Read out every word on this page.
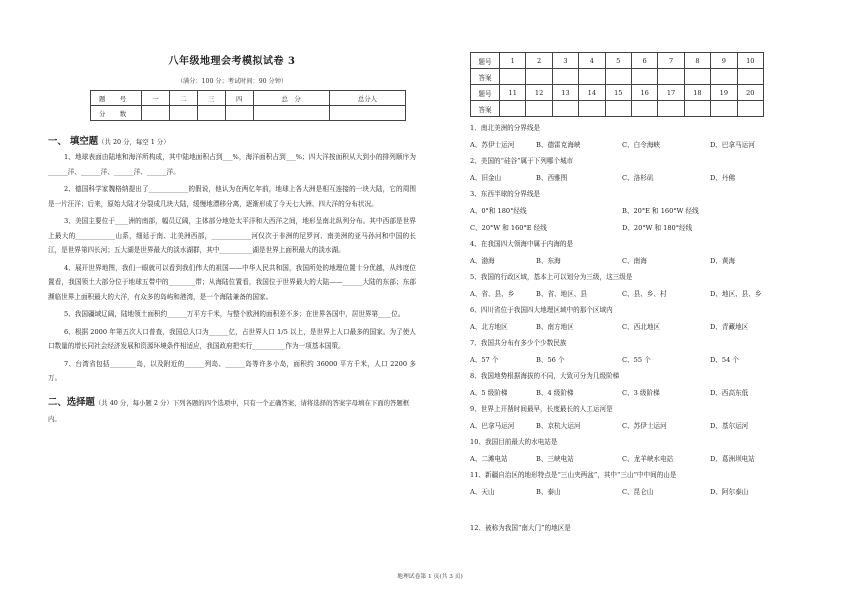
八年级地理会考模拟试卷 3
（满分：100 分；考试时间：90 分钟）
题　号	一	二	三	四	总　分	总分人
分　数						
一、 填空题（共 20 分，每空 1 分）
1、地球表面由陆地和海洋所构成，其中陆地面积占到___%，海洋面积占到___%；四大洋按面积从大到小的排列顺序为______洋、______洋、______洋、______洋。
2、德国科学家魏格纳提出了____________的假说，他认为在两亿年前，地球上各大洲是相互连接的一块大陆，它的周围是一片汪洋；后来，原始大陆才分裂成几块大陆，缓慢地漂移分离，逐渐形成了今天七大洲、四大洋的分布状况。
3、美国主要位于____洲的南部，幅员辽阔，主体部分地处太平洋和大西洋之间，地形呈南北纵列分布。其中西部是世界上最大的____________山系，细延于南、北美洲西部，____________河仅次于非洲的尼罗河、南美洲的亚马孙河和中国的长江，是世界第四长河；五大湖是世界最大的淡水湖群，其中__________湖是世界上面积最大的淡水湖。
4、展开世界地图，我们一眼就可以看到我们伟大的祖国——中华人民共和国，我国所处的地理位置十分优越，从纬度位置看，我国领土大部分位于地球五带中的________带；从海陆位置看，我国位于世界最大的大陆——______大陆的东部；东部濒临世界上面积最大的大洋，有众多的岛屿和港湾，是一个海陆兼备的国家。
5、我国疆域辽阔，陆地领土面积约______万平方千米，与整个欧洲的面积差不多；在世界各国中，居世界第____位。
6、根据 2000 年第五次人口普查，我国总人口为______亿，占世界人口 1/5 以上，是世界上人口最多的国家。为了使人口数量的增长同社会经济发展和资源环境条件相适应，我国政府把实行__________作为一项基本国策。
7、台湾省包括________岛，以及附近的______列岛、______岛等许多小岛，面积约 36000 平方千米，人口 2200 多万。
二、选择题（共 40 分，每小题 2 分）下列各题的四个选项中，只有一个正确答案，请将选择的答案字母填在下面的答题框内。
题号	1	2	3	4	5	6	7	8	9	10
答案										
题号	11	12	13	14	15	16	17	18	19	20
答案										
1、南北美洲的分界线是
A、苏伊士运河	B、德雷克海峡	C、白令海峡	D、巴拿马运河
2、美国的“硅谷”属于下列哪个城市
A、旧金山	B、西雅图	C、洛杉矶	D、丹佛
3、东西半球的分界线是
A、0°和 180°经线	B、20°E 和 160°W 经线
C、20°W 和 160°E 经线	D、20°W 和 180°经线
4、在我国四大领海中属于内海的是
A、渤海	B、东海	C、南海	D、黄海
5、我国的行政区域，基本上可以划分为三级，这三级是
A、省、县、乡	B、省、地区、县	C、县、乡、村	D、地区、县、乡
6、四川省位于我国四大地理区域中的那个区域内
A、北方地区	B、南方地区	C、西北地区	D、青藏地区
7、我国共分布有多少个少数民族
A、57 个	B、56 个	C、55 个	D、54 个
8、我国地势根据海拔的不同，大致可分为几级阶梯
A、5 级阶梯	B、4 级阶梯	C、3 级阶梯	D、西高东低
9、世界上开凿时间最早，长度最长的人工运河是
A、巴拿马运河	B、京杭大运河	C、苏伊士运河	D、基尔运河
10、我国目前最大的水电站是
A、二滩电站	B、三峡电站	C、龙羊峡水电站	D、葛洲坝电站
11、新疆自治区的地形特点是“三山夹两盆”，其中“三山”中中间的山是
A、天山	B、泰山	C、昆仑山	D、阿尔泰山
12、被称为我国“南大门”的地区是
地理试卷第 1 页(共 3 页)
